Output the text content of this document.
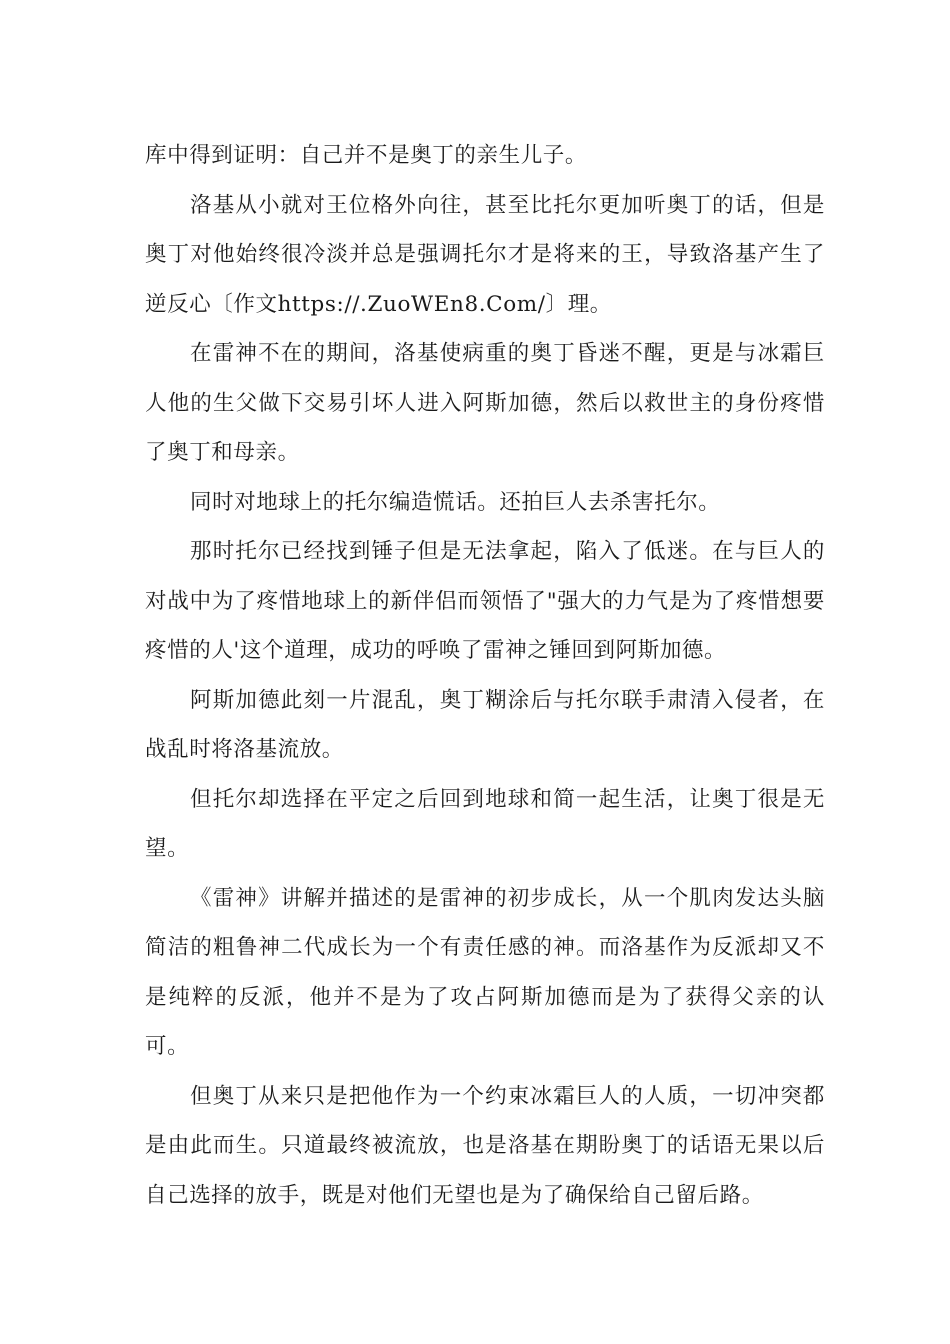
库中得到证明：自己并不是奥丁的亲生儿子。

洛基从小就对王位格外向往，甚至比托尔更加听奥丁的话，但是奥丁对他始终很冷淡并总是强调托尔才是将来的王，导致洛基产生了逆反心〔作文https://.ZuoWEn8.Com/〕理。

在雷神不在的期间，洛基使病重的奥丁昏迷不醒，更是与冰霜巨人他的生父做下交易引坏人进入阿斯加德，然后以救世主的身份疼惜了奥丁和母亲。

同时对地球上的托尔编造慌话。还拍巨人去杀害托尔。

那时托尔已经找到锤子但是无法拿起，陷入了低迷。在与巨人的对战中为了疼惜地球上的新伴侣而领悟了"强大的力气是为了疼惜想要疼惜的人'这个道理，成功的呼唤了雷神之锤回到阿斯加德。

阿斯加德此刻一片混乱，奥丁糊涂后与托尔联手肃清入侵者，在战乱时将洛基流放。

但托尔却选择在平定之后回到地球和简一起生活，让奥丁很是无望。

《雷神》讲解并描述的是雷神的初步成长，从一个肌肉发达头脑简洁的粗鲁神二代成长为一个有责任感的神。而洛基作为反派却又不是纯粹的反派，他并不是为了攻占阿斯加德而是为了获得父亲的认可。

但奥丁从来只是把他作为一个约束冰霜巨人的人质，一切冲突都是由此而生。只道最终被流放，也是洛基在期盼奥丁的话语无果以后自己选择的放手，既是对他们无望也是为了确保给自己留后路。
